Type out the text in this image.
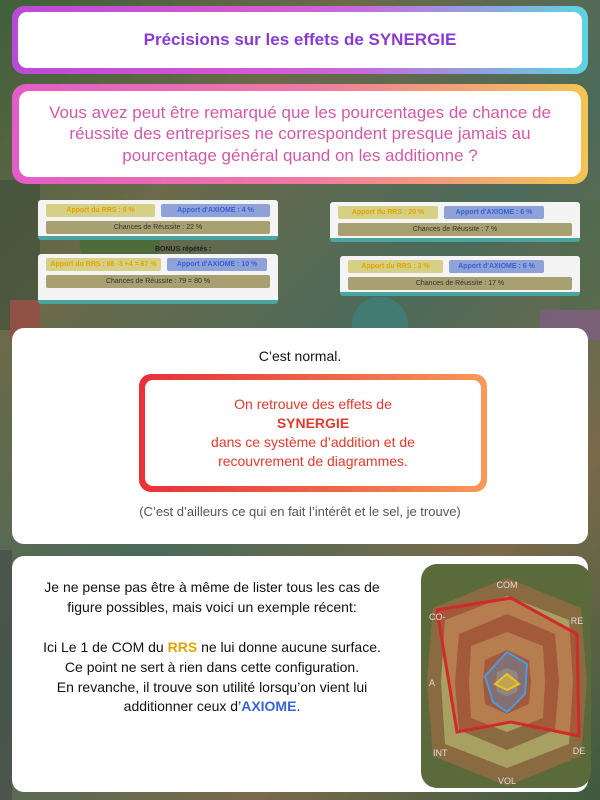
Précisions sur les effets de SYNERGIE
Vous avez peut être remarqué que les pourcentages de chance de réussite des entreprises ne correspondent presque jamais au pourcentage général quand on les additionne ?
Apport du RRS : 9 %	Apport d'AXIOME : 4 %
Chances de Réussite : 22 %
Apport du RRS : 20 %	Apport d'AXIOME : 6 %
Chances de Réussite : 7 %
BONUS répétés :
Apport du RRS : 66 -3 +4 = 67 %	Apport d'AXIOME : 10 %
Chances de Réussite : 79 = 80 %
Apport du RRS : 3 %	Apport d'AXIOME : 6 %
Chances de Réussite : 17 %
C’est normal.
On retrouve des effets de
SYNERGIE
dans ce système d’addition et de
recouvrement de diagrammes.
(C’est d’ailleurs ce qui en fait l’intérêt et le sel, je trouve)

Je ne pense pas être à même de lister tous les cas de figure possibles, mais voici un exemple récent:

Ici Le 1 de COM du RRS ne lui donne aucune surface. Ce point ne sert à rien dans cette configuration.
En revanche, il trouve son utilité lorsqu’on vient lui additionner ceux d’AXIOME.

COM
CO-	RE
A
INT	DE
VOL
